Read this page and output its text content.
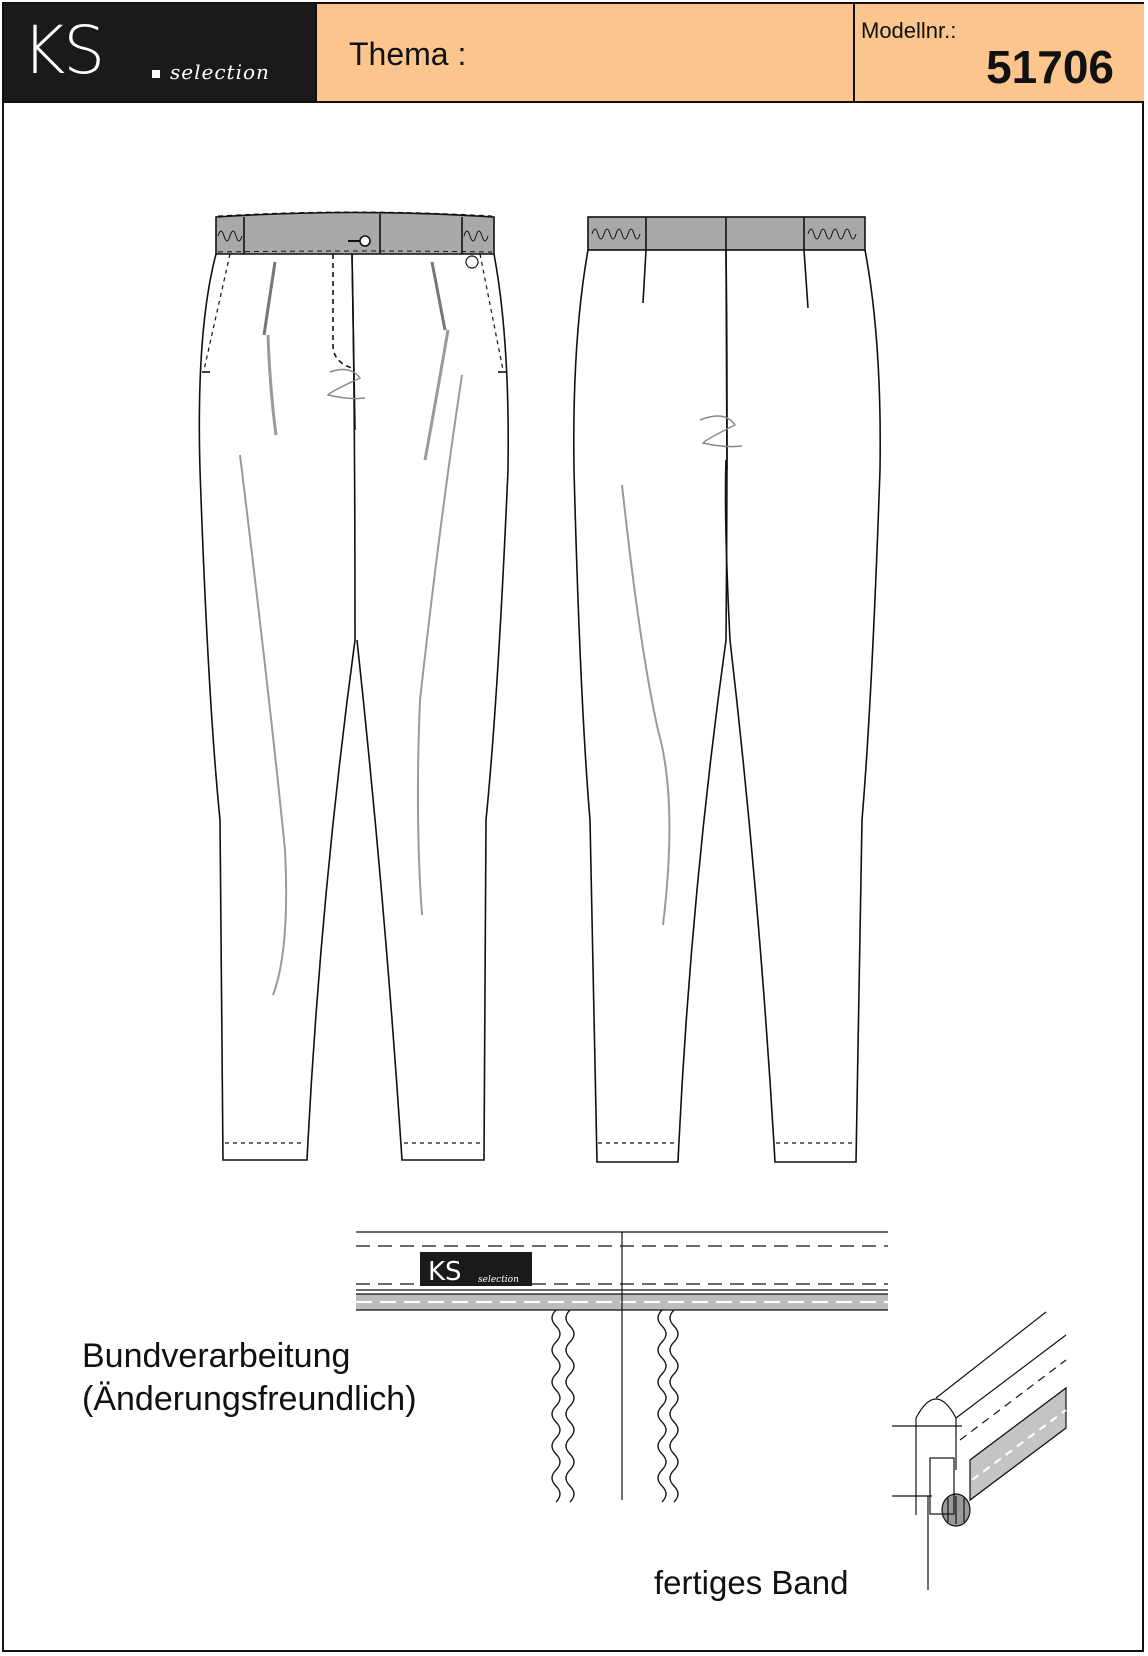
KS	selection Thema :
Modellnr.:
51706
KS selection
Bundverarbeitung
(Änderungsfreundlich)
fertiges Band
